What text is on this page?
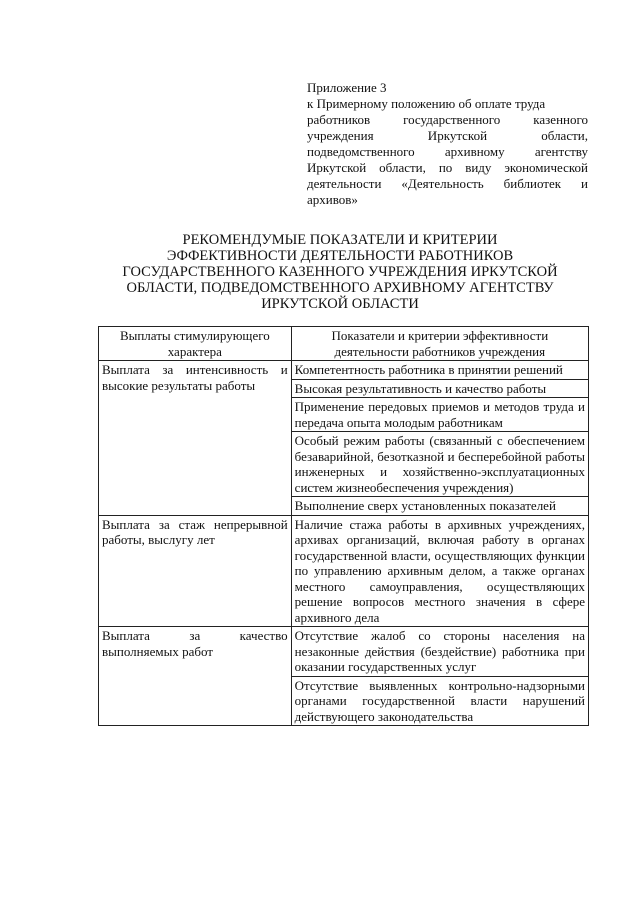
Приложение 3
к Примерному положению об оплате труда
работников государственного казенного
учреждения Иркутской области,
подведомственного архивному агентству
Иркутской области, по виду экономической
деятельности «Деятельность библиотек и
архивов»
РЕКОМЕНДУМЫЕ ПОКАЗАТЕЛИ И КРИТЕРИИ
ЭФФЕКТИВНОСТИ ДЕЯТЕЛЬНОСТИ РАБОТНИКОВ
ГОСУДАРСТВЕННОГО КАЗЕННОГО УЧРЕЖДЕНИЯ ИРКУТСКОЙ
ОБЛАСТИ, ПОДВЕДОМСТВЕННОГО АРХИВНОМУ АГЕНТСТВУ
ИРКУТСКОЙ ОБЛАСТИ
Выплаты стимулирующего характера	Показатели и критерии эффективности деятельности работников учреждения
Выплата за интенсивность и высокие результаты работы	Компетентность работника в принятии решений
	Высокая результативность и качество работы
	Применение передовых приемов и методов труда и передача опыта молодым работникам
	Особый режим работы (связанный с обеспечением безаварийной, безотказной и бесперебойной работы инженерных и хозяйственно-эксплуатационных систем жизнеобеспечения учреждения)
	Выполнение сверх установленных показателей
Выплата за стаж непрерывной работы, выслугу лет	Наличие стажа работы в архивных учреждениях, архивах организаций, включая работу в органах государственной власти, осуществляющих функции по управлению архивным делом, а также органах местного самоуправления, осуществляющих решение вопросов местного значения в сфере архивного дела
Выплата за качество выполняемых работ	Отсутствие жалоб со стороны населения на незаконные действия (бездействие) работника при оказании государственных услуг
	Отсутствие выявленных контрольно-надзорными органами государственной власти нарушений действующего законодательства
